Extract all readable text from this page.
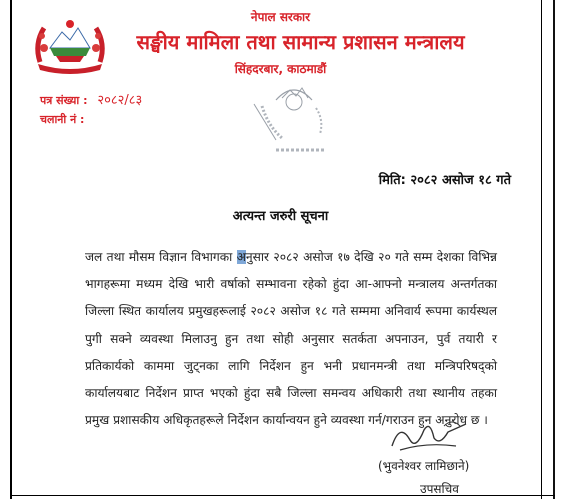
नेपाल सरकार
सङ्घीय मामिला तथा सामान्य प्रशासन मन्त्रालय
सिंहदरबार, काठमाडौं
पत्र संख्या : २०८२/८३
चलानी नं :
मिति: २०८२ असोज १८ गते
अत्यन्त जरुरी सूचना
जल तथा मौसम विज्ञान विभागका अनुसार २०८२ असोज १७ देखि २० गते सम्म देशका विभिन्न भागहरूमा मध्यम देखि भारी वर्षाको सम्भावना रहेको हुंदा आ-आफ्नो मन्त्रालय अन्तर्गतका जिल्ला स्थित कार्यालय प्रमुखहरूलाई २०८२ असोज १८ गते सम्ममा अनिवार्य रूपमा कार्यस्थल पुगी सक्ने व्यवस्था मिलाउनु हुन तथा सोही अनुसार सतर्कता अपनाउन, पुर्व तयारी र प्रतिकार्यको काममा जुट्नका लागि निर्देशन हुन भनी प्रधानमन्त्री तथा मन्त्रिपरिषद्को कार्यालयबाट निर्देशन प्राप्त भएको हुंदा सबै जिल्ला समन्वय अधिकारी तथा स्थानीय तहका प्रमुख प्रशासकीय अधिकृतहरूले निर्देशन कार्यान्वयन हुने व्यवस्था गर्न/गराउन हुन अनुरोध छ ।
(भुवनेश्वर लामिछाने)
उपसचिव
